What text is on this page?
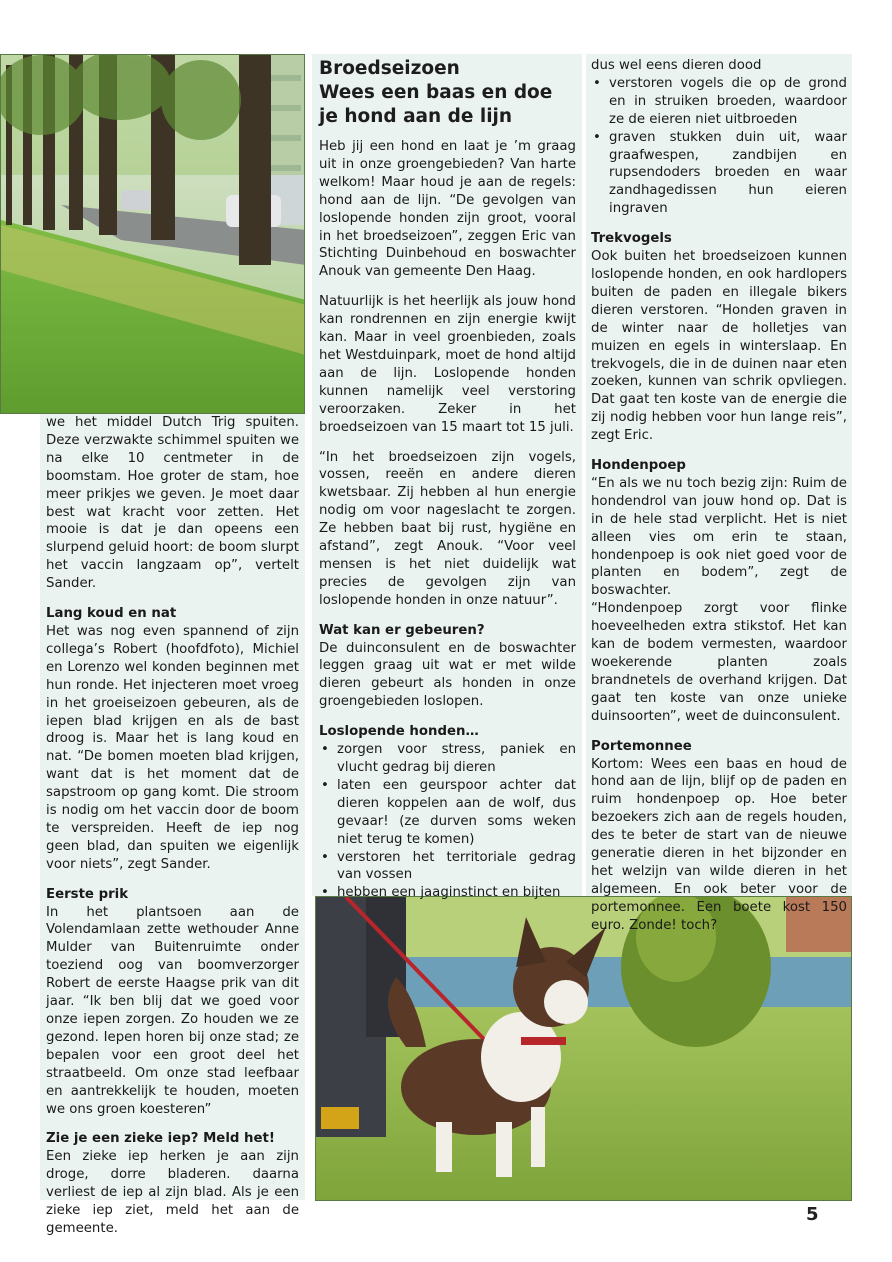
we het middel Dutch Trig spuiten. Deze verzwakte schimmel spuiten we na elke 10 centmeter in de boomstam. Hoe groter de stam, hoe meer prikjes we geven. Je moet daar best wat kracht voor zetten. Het mooie is dat je dan opeens een slurpend geluid hoort: de boom slurpt het vaccin langzaam op”, vertelt Sander.

Lang koud en nat

Het was nog even spannend of zijn collega’s Robert (hoofdfoto), Michiel en Lorenzo wel konden beginnen met hun ronde. Het injecteren moet vroeg in het groeiseizoen gebeuren, als de iepen blad krijgen en als de bast droog is. Maar het is lang koud en nat. “De bomen moeten blad krijgen, want dat is het moment dat de sapstroom op gang komt. Die stroom is nodig om het vaccin door de boom te verspreiden. Heeft de iep nog geen blad, dan spuiten we eigenlijk voor niets”, zegt Sander.

Eerste prik

In het plantsoen aan de Volendamlaan zette wethouder Anne Mulder van Buitenruimte onder toeziend oog van boomverzorger Robert de eerste Haagse prik van dit jaar. “Ik ben blij dat we goed voor onze iepen zorgen. Zo houden we ze gezond. Iepen horen bij onze stad; ze bepalen voor een groot deel het straatbeeld. Om onze stad leefbaar en aantrekkelijk te houden, moeten we ons groen koesteren”

Zie je een zieke iep? Meld het!

Een zieke iep herken je aan zijn droge, dorre bladeren. daarna verliest de iep al zijn blad. Als je een zieke iep ziet, meld het aan de gemeente.

Broedseizoen
Wees een baas en doe je hond aan de lijn

Heb jij een hond en laat je ’m graag uit in onze groengebieden? Van harte welkom! Maar houd je aan de regels: hond aan de lijn. “De gevolgen van loslopende honden zijn groot, vooral in het broedseizoen”, zeggen Eric van Stichting Duinbehoud en boswachter Anouk van gemeente Den Haag.

Natuurlijk is het heerlijk als jouw hond kan rondrennen en zijn energie kwijt kan. Maar in veel groenbieden, zoals het Westduinpark, moet de hond altijd aan de lijn. Loslopende honden kunnen namelijk veel verstoring veroorzaken. Zeker in het broedseizoen van 15 maart tot 15 juli.

“In het broedseizoen zijn vogels, vossen, reeën en andere dieren kwetsbaar. Zij hebben al hun energie nodig om voor nageslacht te zorgen. Ze hebben baat bij rust, hygiëne en afstand”, zegt Anouk. “Voor veel mensen is het niet duidelijk wat precies de gevolgen zijn van loslopende honden in onze natuur”.

Wat kan er gebeuren?

De duinconsulent en de boswachter leggen graag uit wat er met wilde dieren gebeurt als honden in onze groengebieden loslopen.

Loslopende honden…

• zorgen voor stress, paniek en vlucht gedrag bij dieren
• laten een geurspoor achter dat dieren koppelen aan de wolf, dus gevaar! (ze durven soms weken niet terug te komen)
• verstoren het territoriale gedrag van vossen
• hebben een jaaginstinct en bijten

dus wel eens dieren dood

• verstoren vogels die op de grond en in struiken broeden, waardoor ze de eieren niet uitbroeden
• graven stukken duin uit, waar graafwespen, zandbijen en rupsendoders broeden en waar zandhagedissen hun eieren ingraven

Trekvogels

Ook buiten het broedseizoen kunnen loslopende honden, en ook hardlopers buiten de paden en illegale bikers dieren verstoren. “Honden graven in de winter naar de holletjes van muizen en egels in winterslaap. En trekvogels, die in de duinen naar eten zoeken, kunnen van schrik opvliegen. Dat gaat ten koste van de energie die zij nodig hebben voor hun lange reis”, zegt Eric.

Hondenpoep

“En als we nu toch bezig zijn: Ruim de hondendrol van jouw hond op. Dat is in de hele stad verplicht. Het is niet alleen vies om erin te staan, hondenpoep is ook niet goed voor de planten en bodem”, zegt de boswachter.

“Hondenpoep zorgt voor flinke hoeveelheden extra stikstof. Het kan kan de bodem vermesten, waardoor woekerende planten zoals brandnetels de overhand krijgen. Dat gaat ten koste van onze unieke duinsoorten”, weet de duinconsulent.

Portemonnee

Kortom: Wees een baas en houd de hond aan de lijn, blijf op de paden en ruim hondenpoep op. Hoe beter bezoekers zich aan de regels houden, des te beter de start van de nieuwe generatie dieren in het bijzonder en het welzijn van wilde dieren in het algemeen. En ook beter voor de portemonnee. Een boete kost 150 euro. Zonde! toch?

5
